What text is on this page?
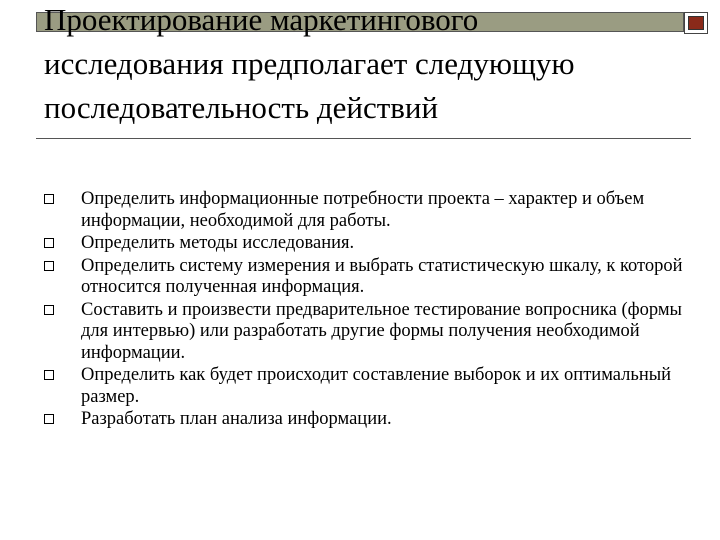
Проектирование маркетингового
исследования предполагает следующую
последовательность действий
Определить информационные потребности проекта – характер и объем информации, необходимой для работы.
Определить методы исследования.
Определить систему измерения и выбрать статистическую шкалу, к которой относится полученная информация.
Составить и произвести предварительное тестирование вопросника (формы для интервью) или разработать другие формы получения необходимой информации.
Определить как будет происходит составление выборок и их оптимальный размер.
Разработать план анализа информации.
